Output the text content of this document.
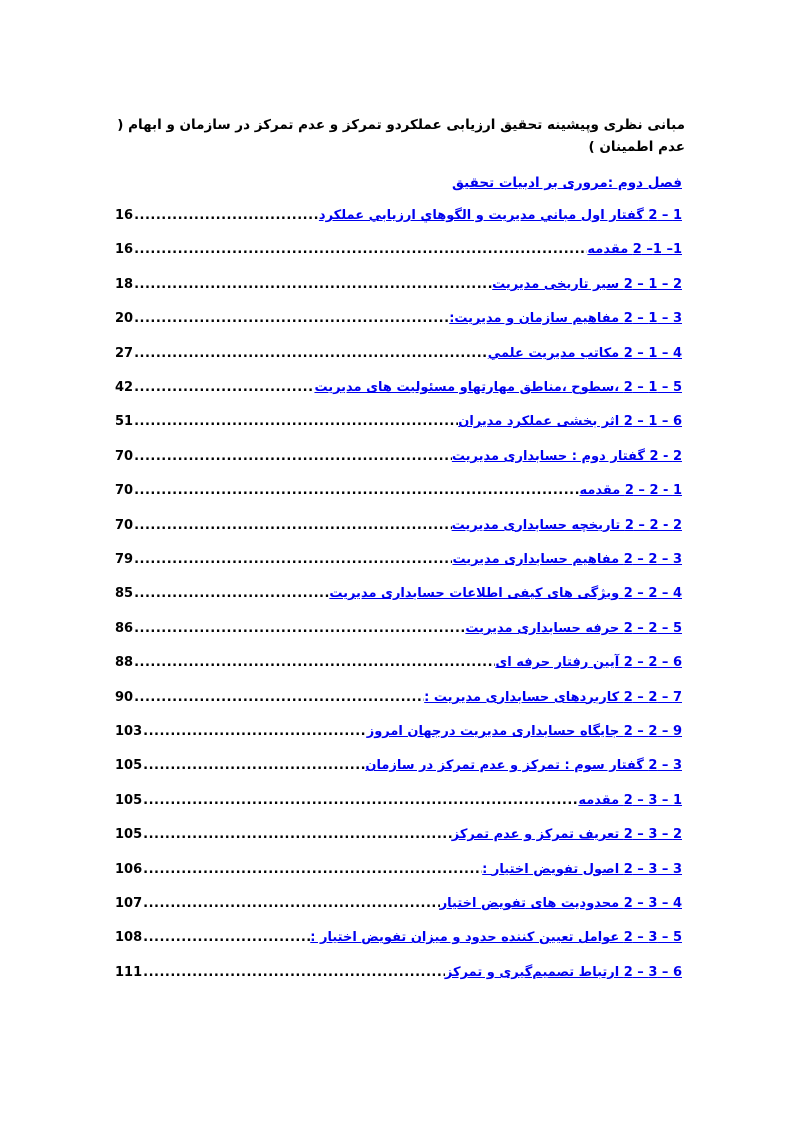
مبانی نظری وپیشینه تحقیق ارزیابی عملکردو تمرکز و عدم تمرکز در سازمان و ابهام ( عدم اطمینان )
فصل دوم :مروری بر ادبیات تحقیق
16 .....	1 – 2 گفتار اول مباني مديريت و الگوهاي ارزيابي عملكرد
16 .....	1– 1– 2 مقدمه
18 .....	2 – 1 – 2 سیر تاریخی مدیریت
20 .....	3 – 1 – 2 مفاهیم سازمان و مدیریت:
27 .....	4 – 1 – 2 مكاتب مديريت علمي
42 .....	5 – 1 – 2 ،سطوح ،مناطق مهارتهاو مسئولیت های مدیریت
51 .....	6 – 1 – 2 اثر بخشی عملکرد مدیران
70 .....	2 - 2 گفتار دوم : حسابداری مدیریت
70 .....	1 - 2 – 2 مقدمه
70 .....	2 - 2 – 2 تاریخچه حسابداری مدیریت
79 .....	3 – 2 – 2 مفاهیم حسابداری مدیریت
85 .....	4 – 2 – 2 ویژگی های کیفی اطلاعات حسابداری مدیریت
86 .....	5 – 2 – 2 حرفه حسابداری مدیریت
88 .....	6 – 2 – 2 آیین رفتار حرفه ای
90 .....	7 – 2 – 2 کاربردهای حسابداری مدیریت :
103 .....	9 – 2 – 2 جایگاه حسابداری مدیریت درجهان امروز
105 .....	3 – 2 گفتار سوم : تمرکز و عدم تمرکز در سازمان
105 .....	1 – 3 – 2 مقدمه
105 .....	2 – 3 – 2 تعریف تمرکز و عدم تمرکز
106 .....	3 – 3 – 2 اصول تفویض اختیار :
107 .....	4 – 3 – 2 محدودیت های تفویض اختیار
108 .....	5 – 3 – 2 عوامل تعیین کننده حدود و میزان تفویض اختیار :
111 .....	6 – 3 – 2 ارتباط تصمیم‌گیری و تمرکز
